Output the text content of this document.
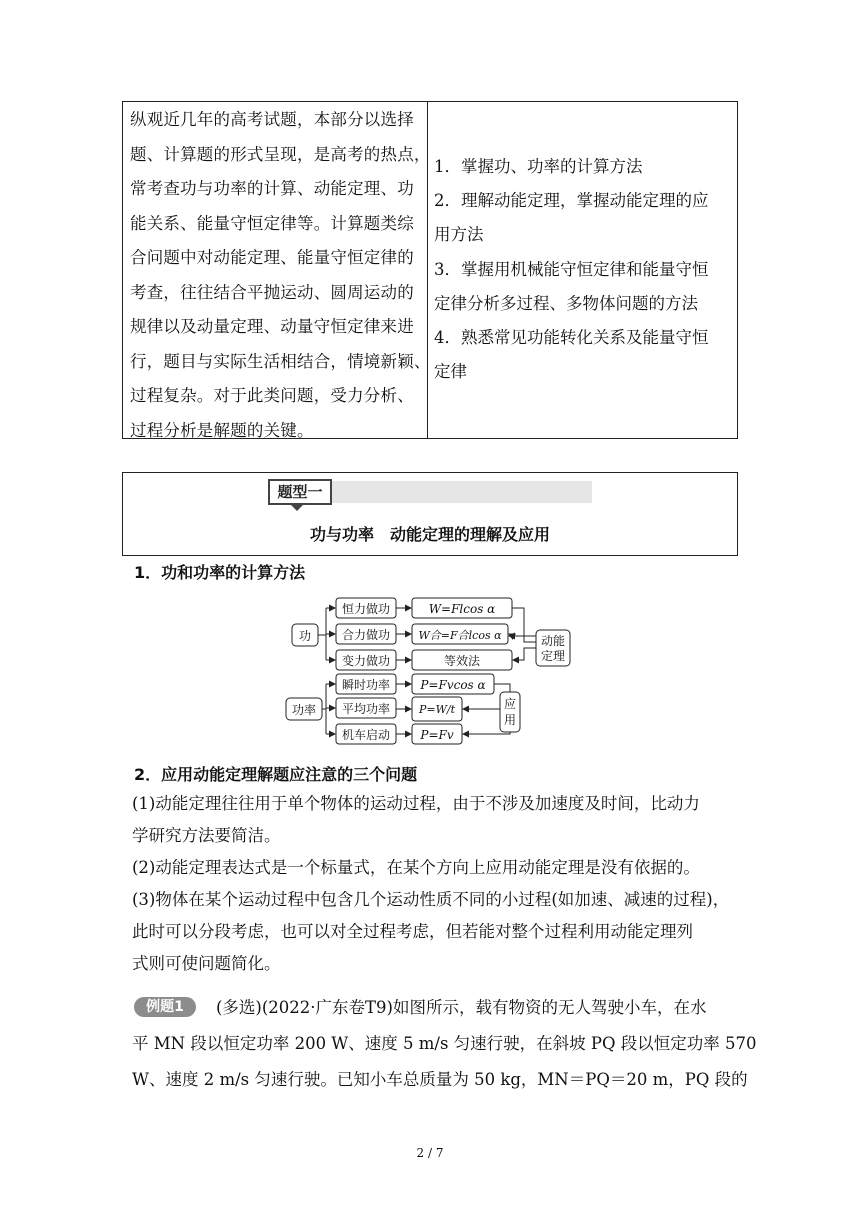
纵观近几年的高考试题，本部分以选择

题、计算题的形式呈现，是高考的热点，

常考查功与功率的计算、动能定理、功

能关系、能量守恒定律等。计算题类综

合问题中对动能定理、能量守恒定律的

考查，往往结合平抛运动、圆周运动的

规律以及动量定理、动量守恒定律来进

行，题目与实际生活相结合，情境新颖、

过程复杂。对于此类问题，受力分析、

过程分析是解题的关键。

1．掌握功、功率的计算方法

2．理解动能定理，掌握动能定理的应

用方法

3．掌握用机械能守恒定律和能量守恒

定律分析多过程、多物体问题的方法

4．熟悉常见功能转化关系及能量守恒

定律

题型一
功与功率　动能定理的理解及应用
1．功和功率的计算方法
功
功率
恒力做功
合力做功
变力做功
瞬时功率
平均功率
机车启动
W=Flcos α
W合=F合lcos α
等效法
P=Fvcos α
P=W/t
P=Fv
动能
定理
应
用
2．应用动能定理解题应注意的三个问题

(1)动能定理往往用于单个物体的运动过程，由于不涉及加速度及时间，比动力

学研究方法要简洁。

(2)动能定理表达式是一个标量式，在某个方向上应用动能定理是没有依据的。

(3)物体在某个运动过程中包含几个运动性质不同的小过程(如加速、减速的过程)，

此时可以分段考虑，也可以对全过程考虑，但若能对整个过程利用动能定理列

式则可使问题简化。

例题1	(多选)(2022·广东卷T9)如图所示，载有物资的无人驾驶小车，在水

平 MN 段以恒定功率 200 W、速度 5 m/s 匀速行驶，在斜坡 PQ 段以恒定功率 570

W、速度 2 m/s 匀速行驶。已知小车总质量为 50 kg，MN＝PQ＝20 m，PQ 段的

2 / 7
